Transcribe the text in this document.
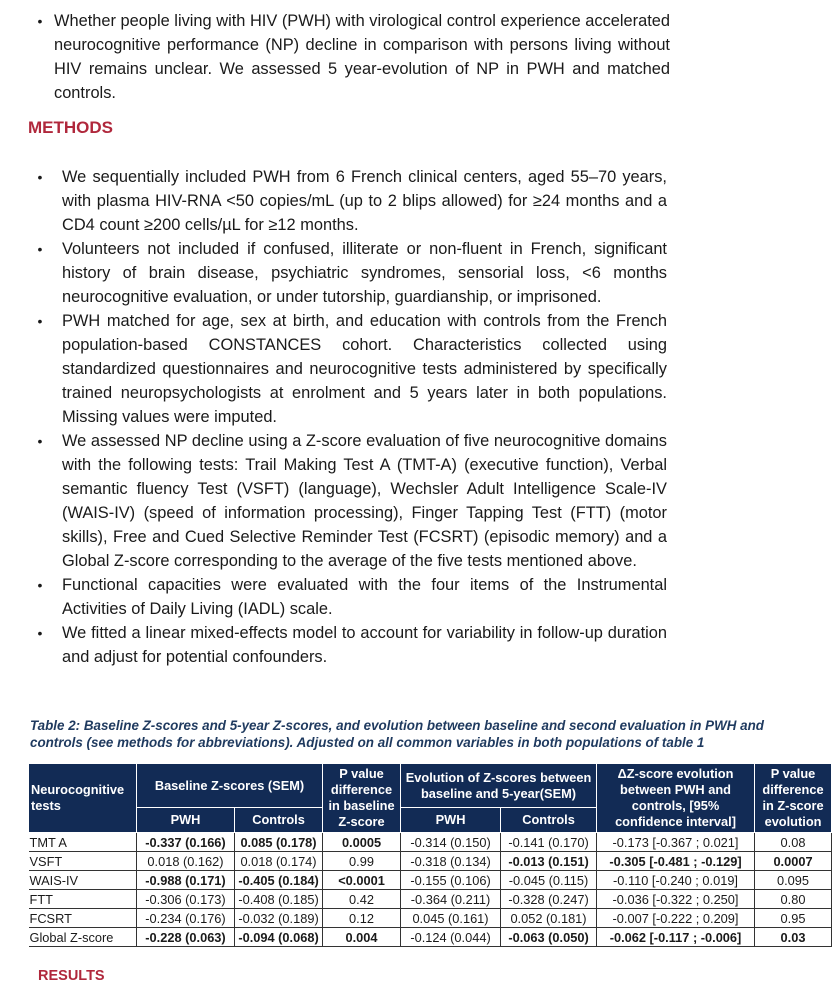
• Whether people living with HIV (PWH) with virological control experience accelerated neurocognitive performance (NP) decline in comparison with persons living without HIV remains unclear. We assessed 5 year-evolution of NP in PWH and matched controls.
METHODS
•	We sequentially included PWH from 6 French clinical centers, aged 55–70 years, with plasma HIV-RNA <50 copies/mL (up to 2 blips allowed) for ≥24 months and a CD4 count ≥200 cells/µL for ≥12 months.
•	Volunteers not included if confused, illiterate or non-fluent in French, significant history of brain disease, psychiatric syndromes, sensorial loss, <6 months neurocognitive evaluation, or under tutorship, guardianship, or imprisoned.
•	PWH matched for age, sex at birth, and education with controls from the French population-based CONSTANCES cohort. Characteristics collected using standardized questionnaires and neurocognitive tests administered by specifically trained neuropsychologists at enrolment and 5 years later in both populations. Missing values were imputed.
•	We assessed NP decline using a Z-score evaluation of five neurocognitive domains with the following tests: Trail Making Test A (TMT-A) (executive function), Verbal semantic fluency Test (VSFT) (language), Wechsler Adult Intelligence Scale-IV (WAIS-IV) (speed of information processing), Finger Tapping Test (FTT) (motor skills), Free and Cued Selective Reminder Test (FCSRT) (episodic memory) and a Global Z-score corresponding to the average of the five tests mentioned above.
•	Functional capacities were evaluated with the four items of the Instrumental Activities of Daily Living (IADL) scale.
•	We fitted a linear mixed-effects model to account for variability in follow-up duration and adjust for potential confounders.

Table 2: Baseline Z-scores and 5-year Z-scores, and evolution between baseline and second evaluation in PWH and controls (see methods for abbreviations). Adjusted on all common variables in both populations of table 1

Neurocognitive tests	Baseline Z-scores (SEM)		P value difference in baseline Z-score	Evolution of Z-scores between baseline and 5-year(SEM)		ΔZ-score evolution between PWH and controls, [95% confidence interval]	P value difference in Z-score evolution
	PWH	Controls		PWH	Controls		
TMT A	-0.337 (0.166)	0.085 (0.178)	0.0005	-0.314 (0.150)	-0.141 (0.170)	-0.173 [-0.367 ; 0.021]	0.08
VSFT	0.018 (0.162)	0.018 (0.174)	0.99	-0.318 (0.134)	-0.013 (0.151)	-0.305 [-0.481 ; -0.129]	0.0007
WAIS-IV	-0.988 (0.171)	-0.405 (0.184)	<0.0001	-0.155 (0.106)	-0.045 (0.115)	-0.110 [-0.240 ; 0.019]	0.095
FTT	-0.306 (0.173)	-0.408 (0.185)	0.42	-0.364 (0.211)	-0.328 (0.247)	-0.036 [-0.322 ; 0.250]	0.80
FCSRT	-0.234 (0.176)	-0.032 (0.189)	0.12	0.045 (0.161)	0.052 (0.181)	-0.007 [-0.222 ; 0.209]	0.95
Global Z-score	-0.228 (0.063)	-0.094 (0.068)	0.004	-0.124 (0.044)	-0.063 (0.050)	-0.062 [-0.117 ; -0.006]	0.03
RESULTS
